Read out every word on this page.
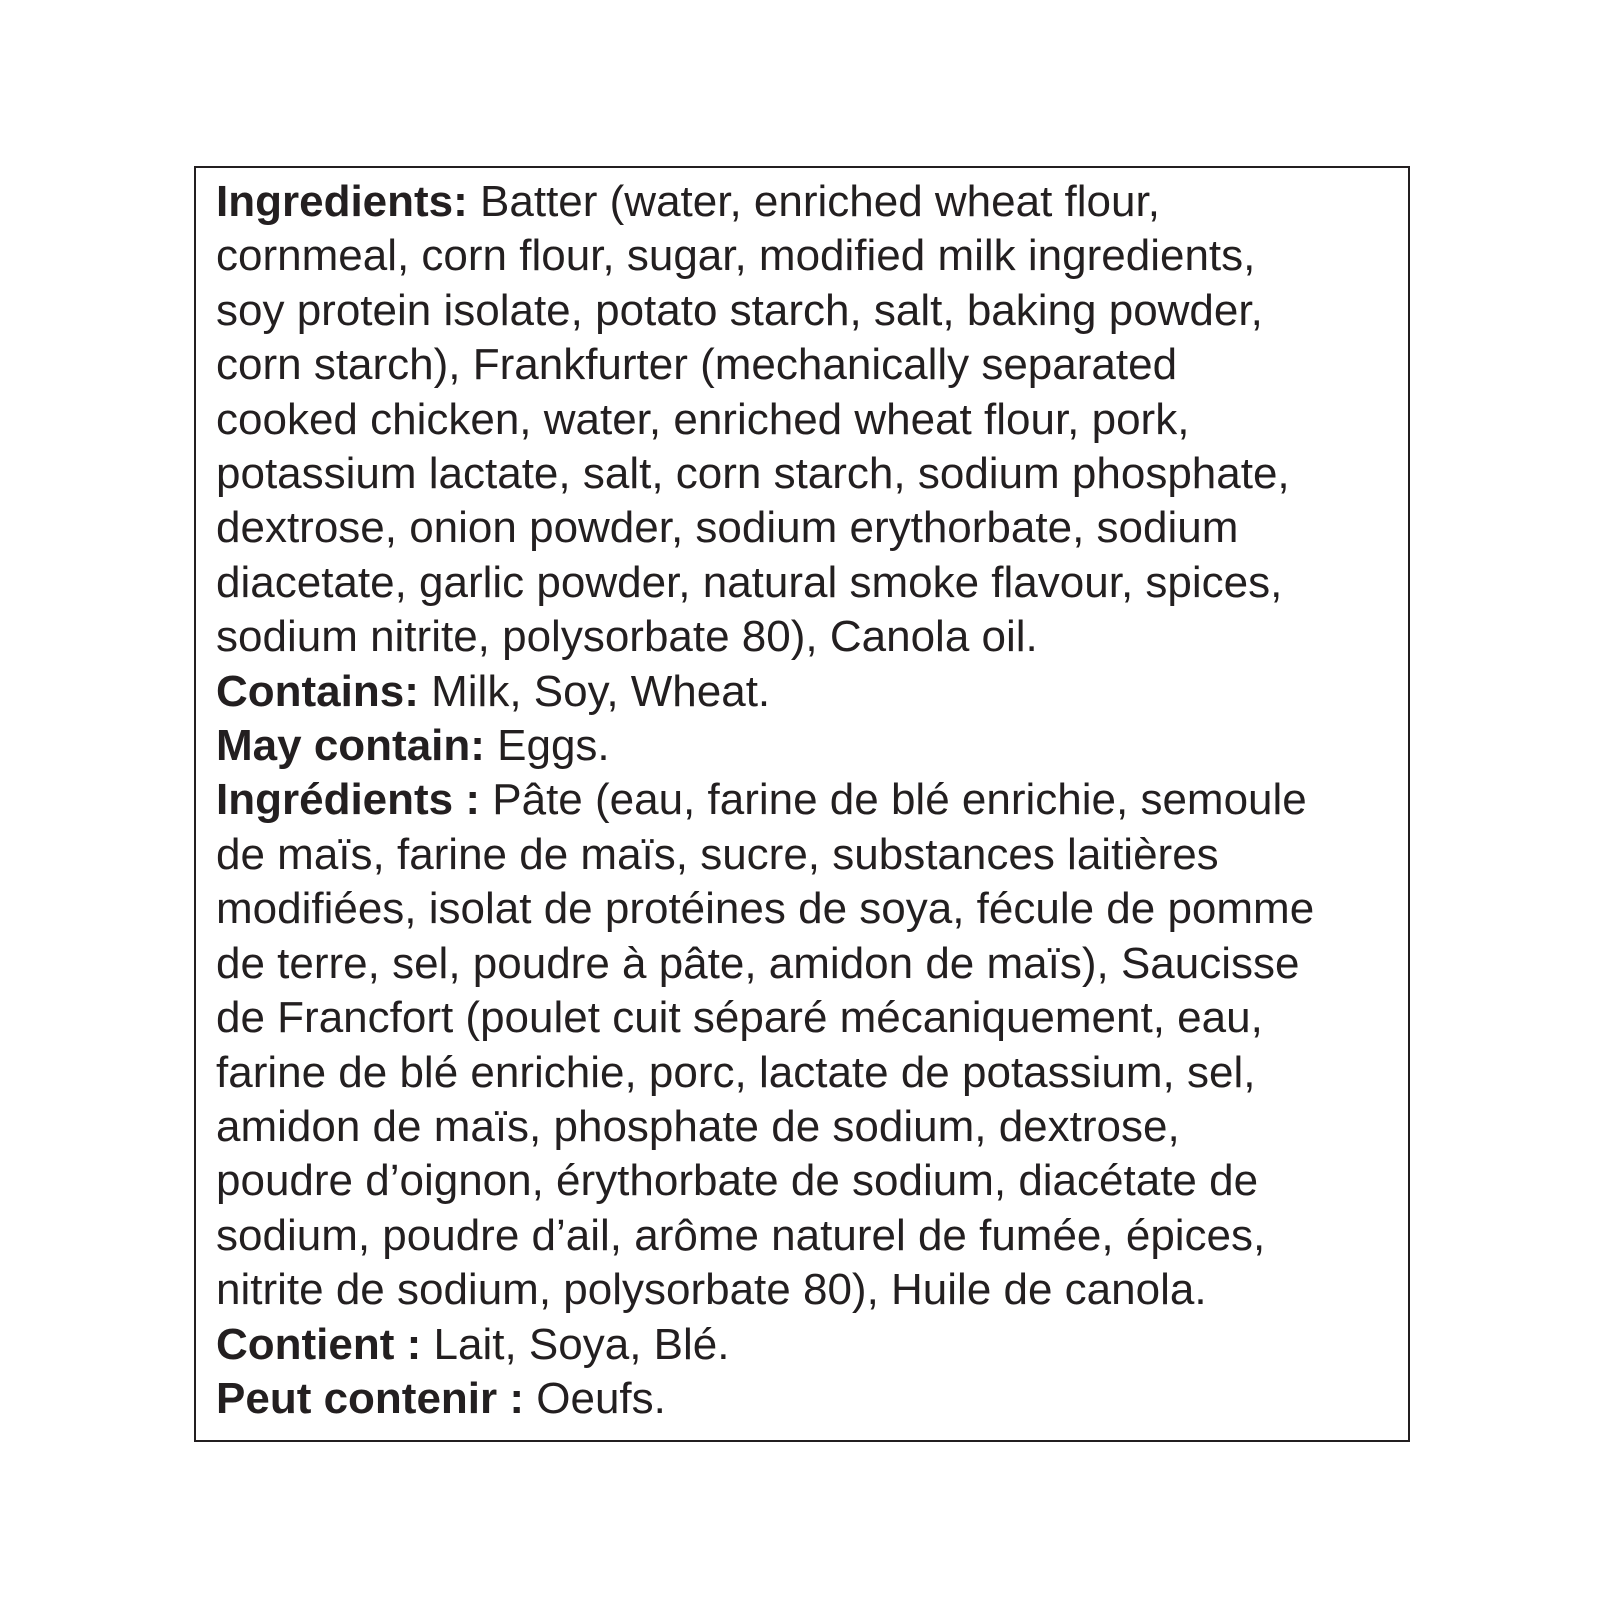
Ingredients: Batter (water, enriched wheat flour,
cornmeal, corn flour, sugar, modified milk ingredients,
soy protein isolate, potato starch, salt, baking powder,
corn starch), Frankfurter (mechanically separated
cooked chicken, water, enriched wheat flour, pork,
potassium lactate, salt, corn starch, sodium phosphate,
dextrose, onion powder, sodium erythorbate, sodium
diacetate, garlic powder, natural smoke flavour, spices,
sodium nitrite, polysorbate 80), Canola oil.
Contains: Milk, Soy, Wheat.
May contain: Eggs.
Ingrédients : Pâte (eau, farine de blé enrichie, semoule
de maïs, farine de maïs, sucre, substances laitières
modifiées, isolat de protéines de soya, fécule de pomme
de terre, sel, poudre à pâte, amidon de maïs), Saucisse
de Francfort (poulet cuit séparé mécaniquement, eau,
farine de blé enrichie, porc, lactate de potassium, sel,
amidon de maïs, phosphate de sodium, dextrose,
poudre d’oignon, érythorbate de sodium, diacétate de
sodium, poudre d’ail, arôme naturel de fumée, épices,
nitrite de sodium, polysorbate 80), Huile de canola.
Contient : Lait, Soya, Blé.
Peut contenir : Oeufs.
